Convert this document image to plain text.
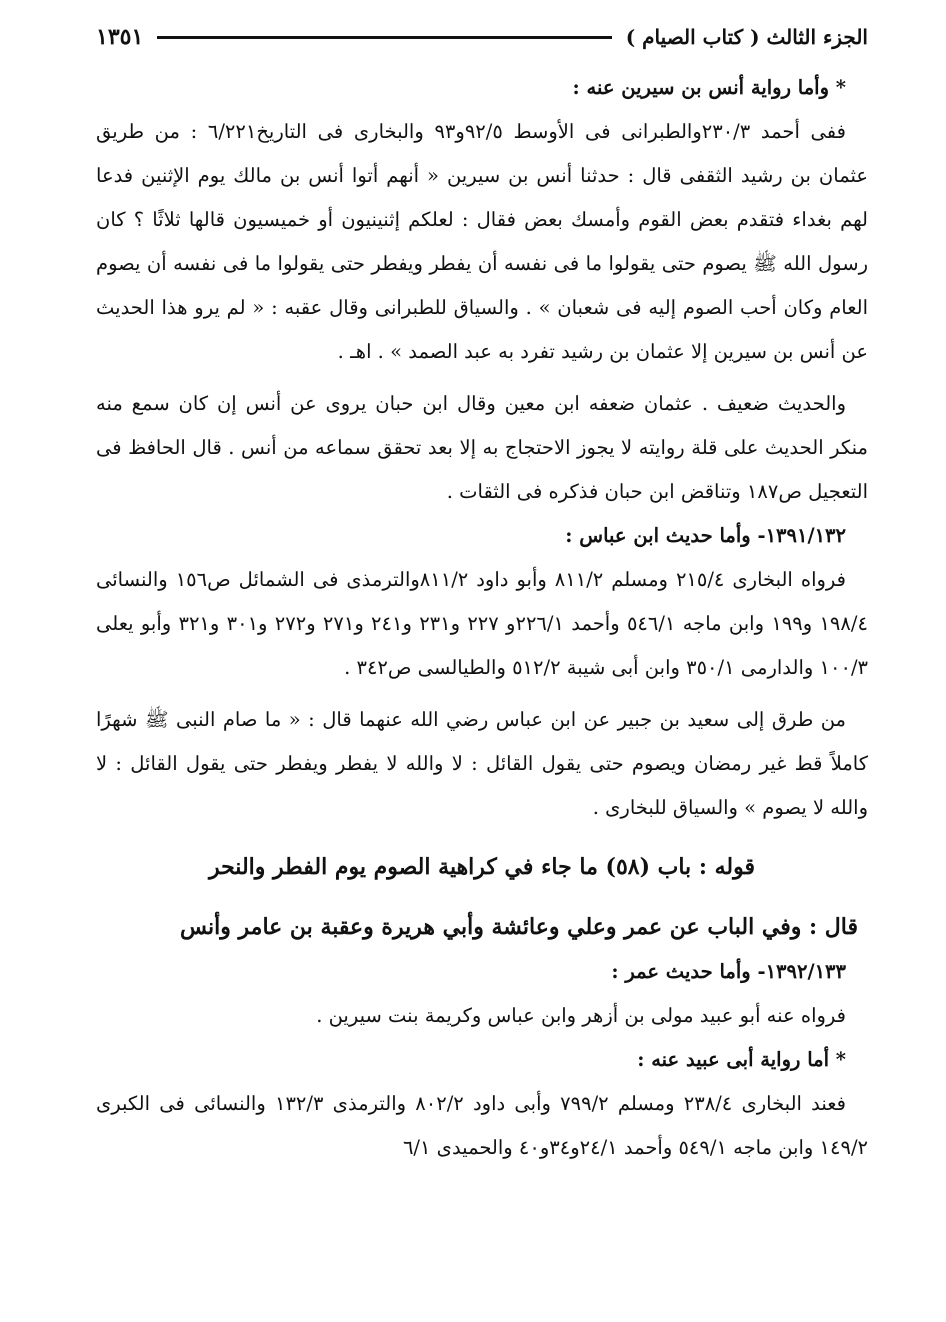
الجزء الثالث ( كتاب الصيام )
١٣٥١
* وأما رواية أنس بن سيرين عنه :

ففى أحمد ٢٣٠/٣والطبرانى فى الأوسط ٩٢/٥و٩٣ والبخارى فى التاريخ٦/٢٢١ : من طريق عثمان بن رشيد الثقفى قال : حدثنا أنس بن سيرين « أنهم أتوا أنس بن مالك يوم الإثنين فدعا لهم بغداء فتقدم بعض القوم وأمسك بعض فقال : لعلكم إثنينيون أو خميسيون قالها ثلاثًا ؟ كان رسول الله ﷺ يصوم حتى يقولوا ما فى نفسه أن يفطر ويفطر حتى يقولوا ما فى نفسه أن يصوم العام وكان أحب الصوم إليه فى شعبان » . والسياق للطبرانى وقال عقبه : « لم يرو هذا الحديث عن أنس بن سيرين إلا عثمان بن رشيد تفرد به عبد الصمد » . اهـ .

والحديث ضعيف . عثمان ضعفه ابن معين وقال ابن حبان يروى عن أنس إن كان سمع منه منكر الحديث على قلة روايته لا يجوز الاحتجاج به إلا بعد تحقق سماعه من أنس . قال الحافظ فى التعجيل ص١٨٧ وتناقض ابن حبان فذكره فى الثقات .

١٣٩١/١٣٢- وأما حديث ابن عباس :

فرواه البخارى ٢١٥/٤ ومسلم ٨١١/٢ وأبو داود ٨١١/٢والترمذى فى الشمائل ص١٥٦ والنسائى ١٩٨/٤ و١٩٩ وابن ماجه ٥٤٦/١ وأحمد ٢٢٦/١و ٢٢٧ و٢٣١ و٢٤١ و٢٧١ و٢٧٢ و٣٠١ و٣٢١ وأبو يعلى ١٠٠/٣ والدارمى ٣٥٠/١ وابن أبى شيبة ٥١٢/٢ والطيالسى ص٣٤٢ .

من طرق إلى سعيد بن جبير عن ابن عباس رضي الله عنهما قال : « ما صام النبى ﷺ شهرًا كاملاً قط غير رمضان ويصوم حتى يقول القائل : لا والله لا يفطر ويفطر حتى يقول القائل : لا والله لا يصوم » والسياق للبخارى .

قوله : باب (٥٨) ما جاء في كراهية الصوم يوم الفطر والنحر
قال : وفي الباب عن عمر وعلي وعائشة وأبي هريرة وعقبة بن عامر وأنس
١٣٩٢/١٣٣- وأما حديث عمر :

فرواه عنه أبو عبيد مولى بن أزهر وابن عباس وكريمة بنت سيرين .

* أما رواية أبى عبيد عنه :

فعند البخارى ٢٣٨/٤ ومسلم ٧٩٩/٢ وأبى داود ٨٠٢/٢ والترمذى ١٣٢/٣ والنسائى فى الكبرى ١٤٩/٢ وابن ماجه ٥٤٩/١ وأحمد ٢٤/١و٣٤و٤٠ والحميدى ٦/١
